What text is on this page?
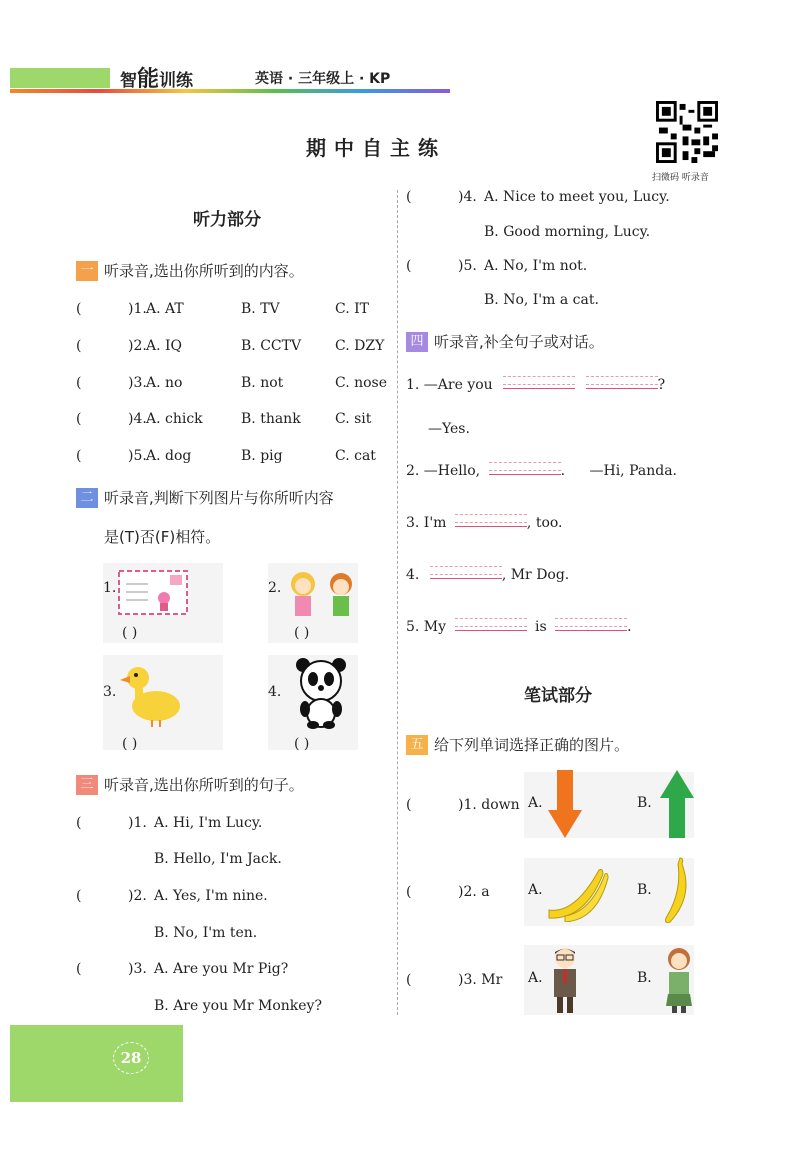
智能训练	英语 · 三年级上 · KP
期中自主练
扫微码 听录音
听力部分
一 听录音,选出你所听到的内容。
(	)1.A. AT	B. TV	C. IT
(	)2.A. IQ	B. CCTV C. DZY
(	)3.A. no	B. not	C. nose
(	)4.A. chick	B. thank C. sit
(	)5.A. dog	B. pig	C. cat
二 听录音,判断下列图片与你所听内容
是(T)否(F)相符。
1.
( )
2.
( )
3.
( )
4.
( )
三 听录音,选出你所听到的句子。
(	)1. A. Hi, I'm Lucy.
B. Hello, I'm Jack.
(	)2. A. Yes, I'm nine.
B. No, I'm ten.
(	)3. A. Are you Mr Pig?
B. Are you Mr Monkey?
(	)4. A. Nice to meet you, Lucy.
B. Good morning, Lucy.
(	)5. A. No, I'm not.
B. No, I'm a cat.
四 听录音,补全句子或对话。
1. —Are you	?
—Yes.
2. —Hello,	. —Hi, Panda.
3. I'm	, too.
4.	, Mr Dog.
5. My	is	.
笔试部分
五 给下列单词选择正确的图片。
(	)1. down A.	B.
(	)2. a	A.	B.
(	)3. Mr A.	B.
28
